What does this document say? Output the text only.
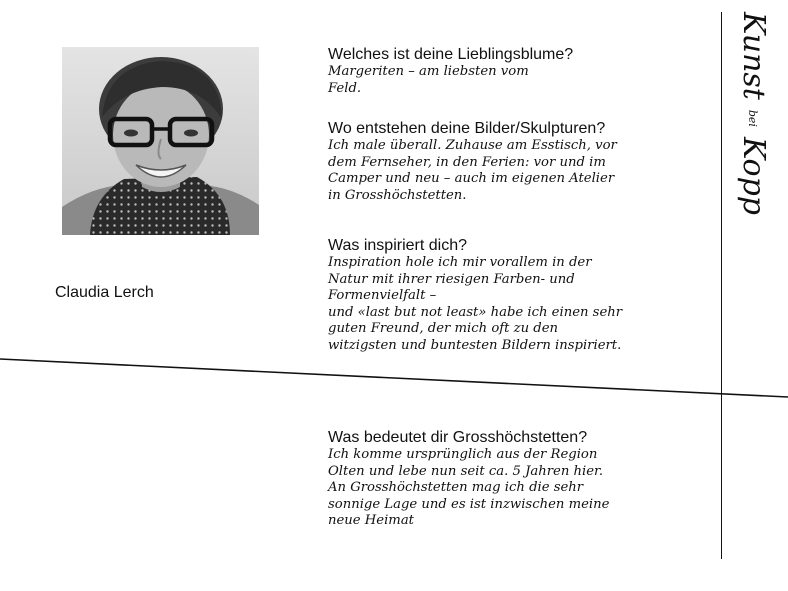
Claudia Lerch
Welches ist deine Lieblingsblume?
Margeriten – am liebsten vom
Feld.
Wo entstehen deine Bilder/Skulpturen?
Ich male überall. Zuhause am Esstisch, vor
dem Fernseher, in den Ferien: vor und im
Camper und neu – auch im eigenen Atelier
in Grosshöchstetten.
Was inspiriert dich?
Inspiration hole ich mir vorallem in der
Natur mit ihrer riesigen Farben- und
Formenvielfalt –
und «last but not least» habe ich einen sehr
guten Freund, der mich oft zu den
witzigsten und buntesten Bildern inspiriert.
Was bedeutet dir Grosshöchstetten?
Ich komme ursprünglich aus der Region
Olten und lebe nun seit ca. 5 Jahren hier.
An Grosshöchstetten mag ich die sehr
sonnige Lage und es ist inzwischen meine
neue Heimat
KunstbeiKopp
